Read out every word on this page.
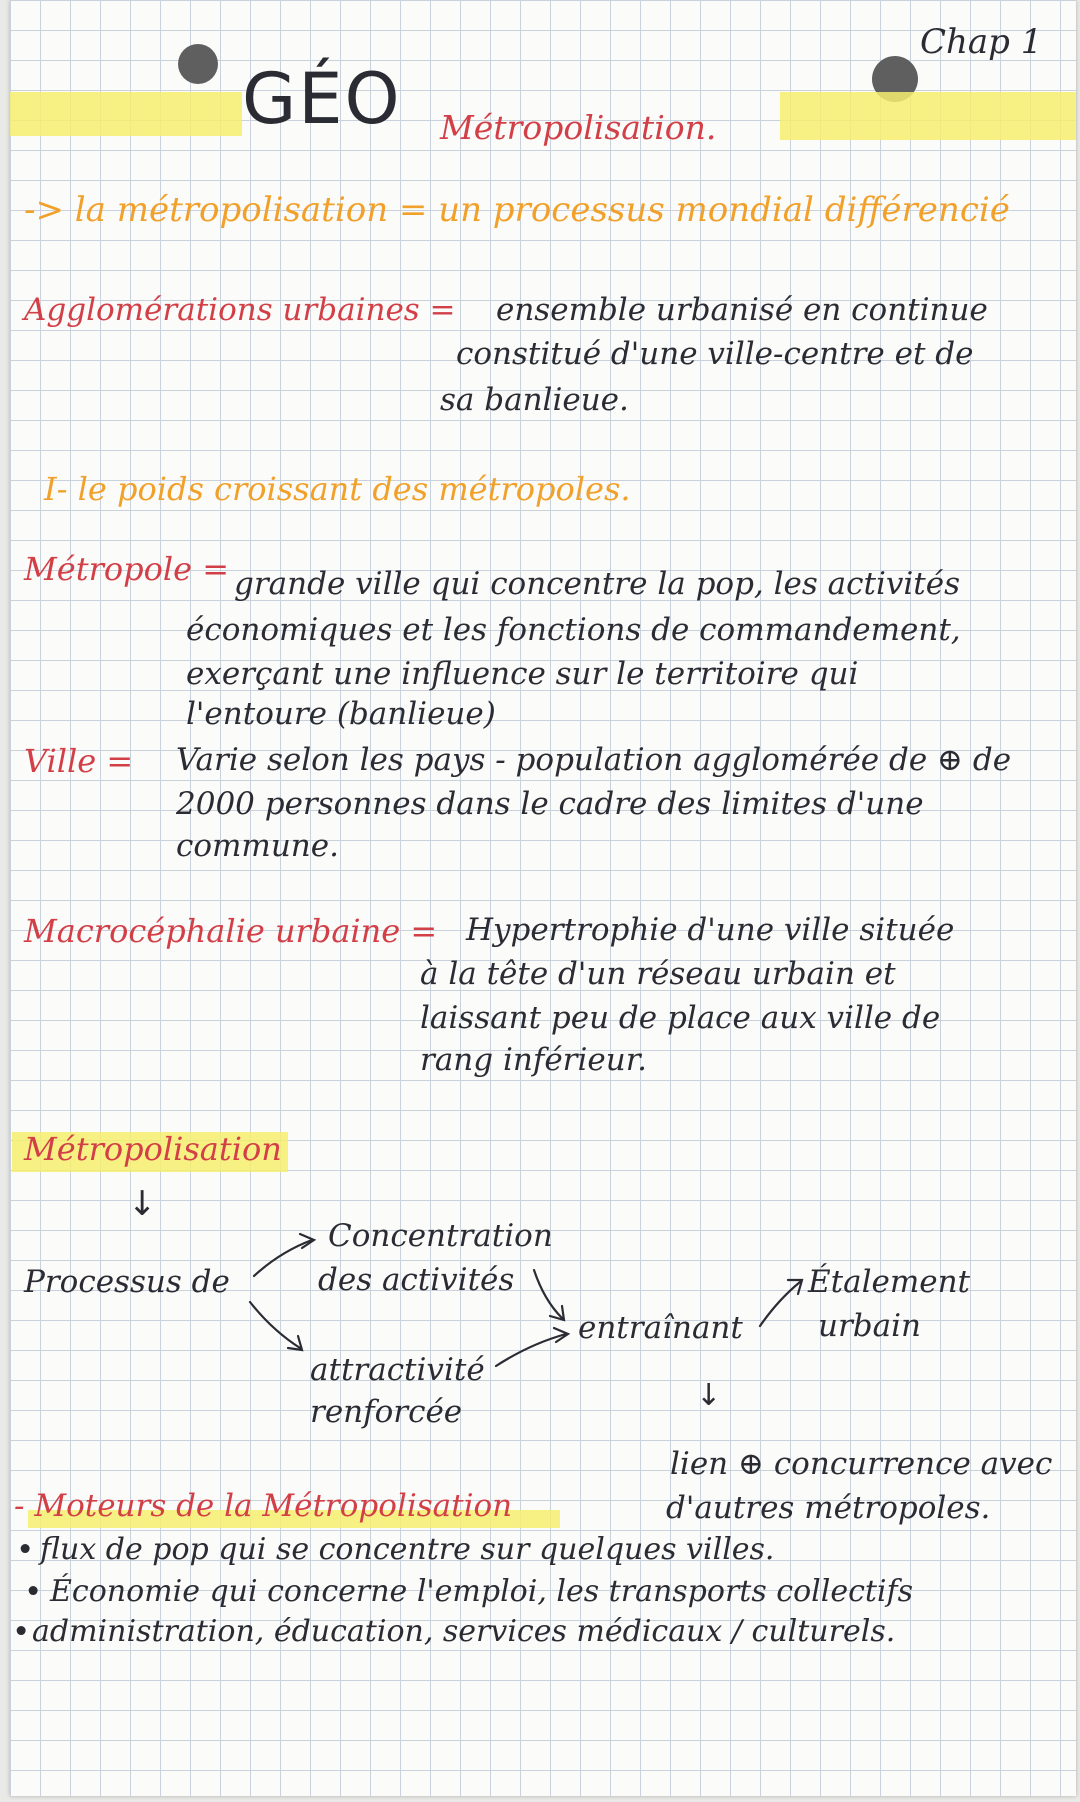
Chap 1
GÉO Métropolisation.
-> la métropolisation = un processus mondial différencié
Agglomérations urbaines = ensemble urbanisé en continue
constitué d'une ville-centre et de
sa banlieue.
I- le poids croissant des métropoles.
Métropole = grande ville qui concentre la pop, les activités
économiques et les fonctions de commandement,
exerçant une influence sur le territoire qui
l'entoure (banlieue)
Ville = Varie selon les pays - population agglomérée de ⊕ de
2000 personnes dans le cadre des limites d'une
commune.
Macrocéphalie urbaine = Hypertrophie d'une ville située
à la tête d'un réseau urbain et
laissant peu de place aux ville de
rang inférieur.
Métropolisation
↓
Processus de
Concentration
des activités
attractivité
renforcée
entraînant
Étalement
urbain
↓
lien ⊕ concurrence avec
d'autres métropoles.
- Moteurs de la Métropolisation
• flux de pop qui se concentre sur quelques villes.
• Économie qui concerne l'emploi, les transports collectifs
• administration, éducation, services médicaux / culturels.
